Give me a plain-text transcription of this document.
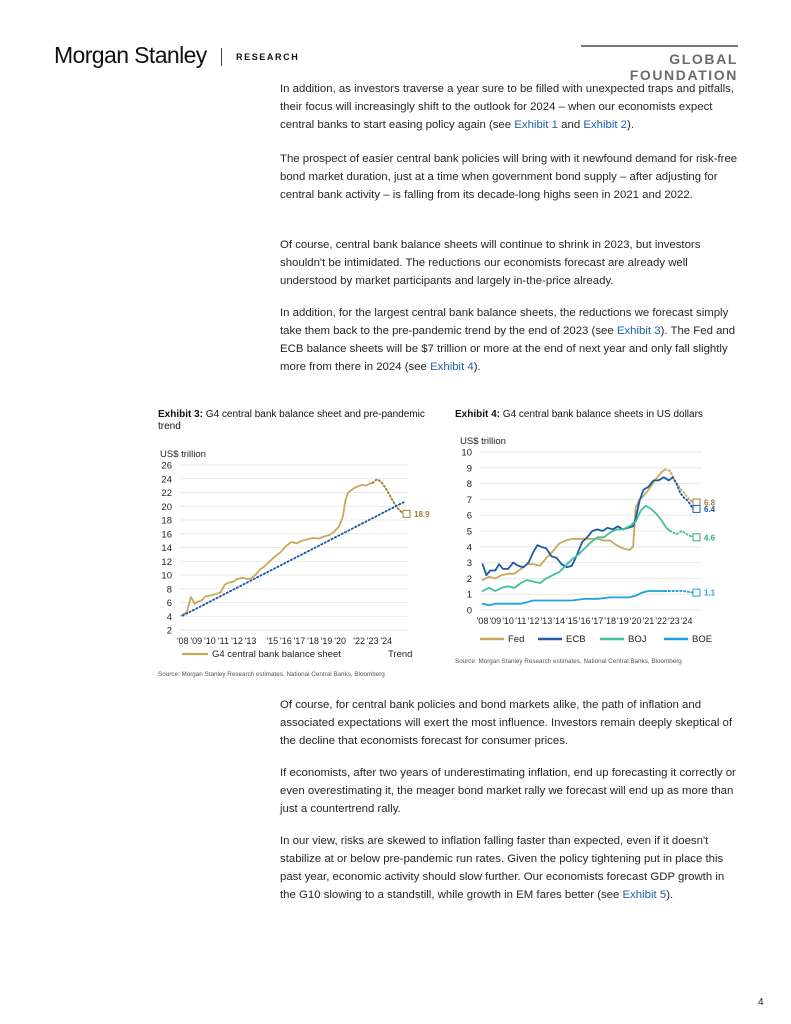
Morgan Stanley	RESEARCH	GLOBAL FOUNDATION

In addition, as investors traverse a year sure to be filled with unexpected traps and pitfalls, their focus will increasingly shift to the outlook for 2024 – when our economists expect central banks to start easing policy again (see Exhibit 1 and Exhibit 2).

The prospect of easier central bank policies will bring with it newfound demand for risk-free bond market duration, just at a time when government bond supply – after adjusting for central bank activity – is falling from its decade-long highs seen in 2021 and 2022.

Of course, central bank balance sheets will continue to shrink in 2023, but investors shouldn't be intimidated. The reductions our economists forecast are already well understood by market participants and largely in-the-price already.

In addition, for the largest central bank balance sheets, the reductions we forecast simply take them back to the pre-pandemic trend by the end of 2023 (see Exhibit 3). The Fed and ECB balance sheets will be $7 trillion or more at the end of next year and only fall slightly more from there in 2024 (see Exhibit 4).

Exhibit 3: G4 central bank balance sheet and pre-pandemic trend
US$ trillion
2
4
6
8
10
12
14
16
18
20
22
24
26
'08 '09 '10 '11 '12 '13 '15 '16 '17 '18 '19 '20 '22 '23 '24
18.9
G4 central bank balance sheet	Trend
Source: Morgan Stanley Research estimates, National Central Banks, Bloomberg
Exhibit 4: G4 central bank balance sheets in US dollars
US$ trillion
0
1
2
3
4
5
6
7
8
9
10
'08 '09 '10 '11 '12 '13 '14 '15 '16 '17 '18 '19 '20 '21 '22 '23 '24
6.8
6.4
4.6
1.1
Fed	ECB	BOJ	BOE
Source: Morgan Stanley Research estimates, National Central Banks, Bloomberg

Of course, for central bank policies and bond markets alike, the path of inflation and associated expectations will exert the most influence. Investors remain deeply skeptical of the decline that economists forecast for consumer prices.

If economists, after two years of underestimating inflation, end up forecasting it correctly or even overestimating it, the meager bond market rally we forecast will end up as more than just a countertrend rally.

In our view, risks are skewed to inflation falling faster than expected, even if it doesn't stabilize at or below pre-pandemic run rates. Given the policy tightening put in place this past year, economic activity should slow further. Our economists forecast GDP growth in the G10 slowing to a standstill, while growth in EM fares better (see Exhibit 5).

4
